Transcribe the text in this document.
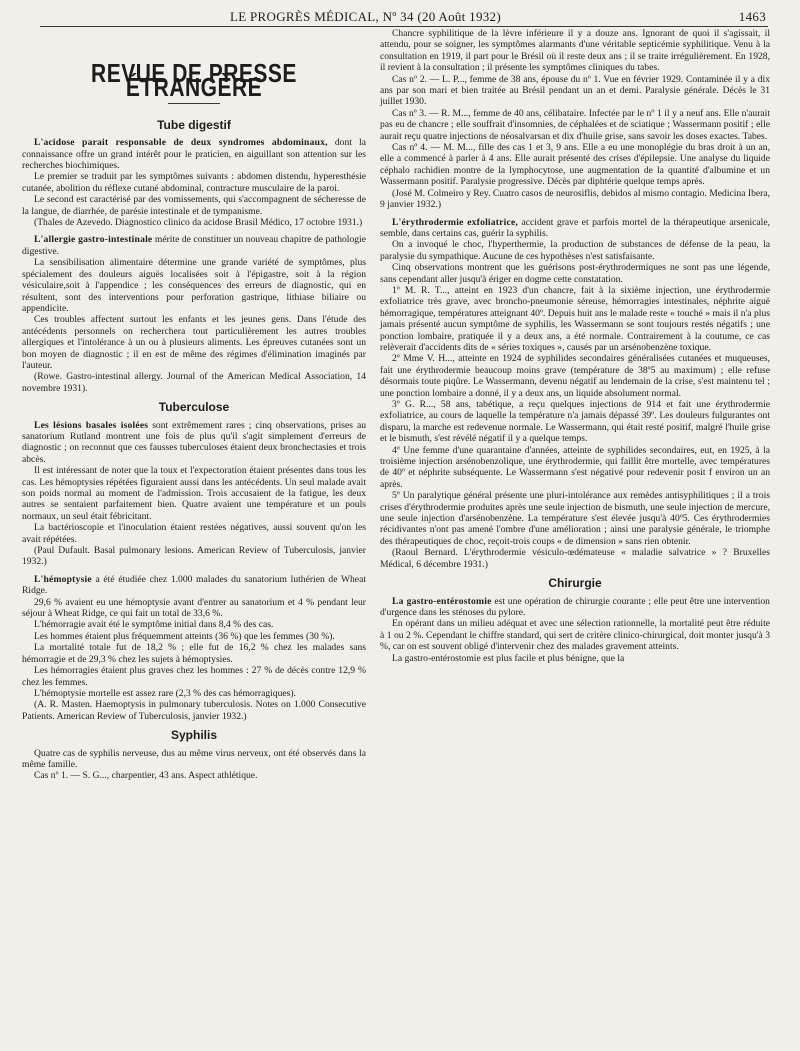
LE PROGRÈS MÉDICAL, Nº 34 (20 Août 1932)	1463
REVUE DE PRESSE ÉTRANGÈRE
Tube digestif

L'acidose parait responsable de deux syndromes abdominaux, dont la connaissance offre un grand intérêt pour le praticien, en aiguillant son attention sur les recherches biochimiques.

Le premier se traduit par les symptômes suivants : abdomen distendu, hyperesthésie cutanée, abolition du réflexe cutané abdominal, contracture musculaire de la paroi.

Le second est caractérisé par des vomissements, qui s'accompagnent de sécheresse de la langue, de diarrhée, de parésie intestinale et de tympanisme.

(Thales de Azevedo. Diagnostico clinico da acidose Brasil Médico, 17 octobre 1931.)

L'allergie gastro-intestinale mérite de constituer un nouveau chapitre de pathologie digestive.

La sensibilisation alimentaire détermine une grande variété de symptômes, plus spécialement des douleurs aiguës localisées soit à l'épigastre, soit à la région vésiculaire,soit à l'appendice ; les conséquences des erreurs de diagnostic, qui en résultent, sont des interventions pour perforation gastrique, lithiase biliaire ou appendicite.

Ces troubles affectent surtout les enfants et les jeunes gens. Dans l'étude des antécédents personnels on recherchera tout particulièrement les autres troubles allergiques et l'intolérance à un ou à plusieurs aliments. Les épreuves cutanées sont un bon moyen de diagnostic ; il en est de même des régimes d'élimination imaginés par l'auteur.

(Rowe. Gastro-intestinal allergy. Journal of the American Medical Association, 14 novembre 1931).

Tuberculose

Les lésions basales isolées sont extrêmement rares ; cinq observations, prises au sanatorium Rutland montrent une fois de plus qu'il s'agit simplement d'erreurs de diagnostic ; on reconnut que ces fausses tuberculoses étaient deux bronchectasies et trois abcès.

Il est intéressant de noter que la toux et l'expectoration étaient présentes dans tous les cas. Les hémoptysies répétées figuraient aussi dans les antécédents. Un seul malade avait son poids normal au moment de l'admission. Trois accusaient de la fatigue, les deux autres se sentaient parfaitement bien. Quatre avaient une température et un pouls normaux, un seul était fébricitant.

La bactérioscopie et l'inoculation étaient restées négatives, aussi souvent qu'on les avait répétées.

(Paul Dufault. Basal pulmonary lesions. American Review of Tuberculosis, janvier 1932.)

L'hémoptysie a été étudiée chez 1.000 malades du sanatorium luthérien de Wheat Ridge.

29,6 % avaient eu une hémoptysie avant d'entrer au sanatorium et 4 % pendant leur séjour à Wheat Ridge, ce qui fait un total de 33,6 %.

L'hémorragie avait été le symptôme initial dans 8,4 % des cas.

Les hommes étaient plus fréquemment atteints (36 %) que les femmes (30 %).

La mortalité totale fut de 18,2 % ; elle fut de 16,2 % chez les malades sans hémorragie et de 29,3 % chez les sujets à hémoptysies.

Les hémorragies étaient plus graves chez les hommes : 27 % de décès contre 12,9 % chez les femmes.

L'hémoptysie mortelle est assez rare (2,3 % des cas hémorragiques).

(A. R. Masten. Haemoptysis in pulmonary tuberculosis. Notes on 1.000 Consecutive Patients. American Review of Tuberculosis, janvier 1932.)

Syphilis

Quatre cas de syphilis nerveuse, dus au même virus nerveux, ont été observés dans la même famille.

Cas nº 1. — S. G..., charpentier, 43 ans. Aspect athlétique.

Chancre syphilitique de la lèvre inférieure il y a douze ans. Ignorant de quoi il s'agissait, il attendu, pour se soigner, les symptômes alarmants d'une véritable septicémie syphilitique. Venu à la consultation en 1919, il part pour le Brésil où il reste deux ans ; il se traite irrégulièrement. En 1928, il revient à la consultation ; il présente les symptômes cliniques du tabes.

Cas nº 2. — L. P..., femme de 38 ans, épouse du nº 1. Vue en février 1929. Contaminée il y a dix ans par son mari et bien traitée au Brésil pendant un an et demi. Paralysie générale. Décès le 31 juillet 1930.

Cas nº 3. — R. M..., femme de 40 ans, célibataire. Infectée par le nº 1 il y a neuf ans. Elle n'aurait pas eu de chancre ; elle souffrait d'insomnies, de céphalées et de sciatique ; Wassermann positif ; elle aurait reçu quatre injections de néosalvarsan et dix d'huile grise, sans savoir les doses exactes. Tabes.

Cas nº 4. — M. M..., fille des cas 1 et 3, 9 ans. Elle a eu une monoplégie du bras droit à un an, elle a commencé à parler à 4 ans. Elle aurait présenté des crises d'épilepsie. Une analyse du liquide céphalo rachidien montre de la lymphocytose, une augmentation de la quantité d'albumine et un Wassermann positif. Paralysie progressive. Décès par diphtérie quelque temps après.

(José M. Colmeiro y Rey. Cuatro casos de neurosiflis, debidos al mismo contagio. Medicina Ibera, 9 janvier 1932.)

L'érythrodermie exfoliatrice, accident grave et parfois mortel de la thérapeutique arsenicale, semble, dans certains cas, guérir la syphilis.

On a invoqué le choc, l'hyperthermie, la production de substances de défense de la peau, la paralysie du sympathique. Aucune de ces hypothèses n'est satisfaisante.

Cinq observations montrent que les guérisons post-érythrodermiques ne sont pas une légende, sans cependant aller jusqu'à ériger en dogme cette constatation.

1º M. R. T..., atteint en 1923 d'un chancre, fait à la sixième injection, une érythrodermie exfoliatrice très grave, avec broncho-pneumonie séreuse, hémorragies intestinales, néphrite aiguë hémorragique, températures atteignant 40º. Depuis huit ans le malade reste « touché » mais il n'a plus jamais présenté aucun symptôme de syphilis, les Wassermann se sont toujours restés négatifs ; une ponction lombaire, pratiquée il y a deux ans, a été normale. Contrairement à la coutume, ce cas relèverait d'accidents dits de « séries toxiques », causés par un arsénobenzène toxique.

2º Mme V. H..., atteinte en 1924 de syphilides secondaires généralisées cutanées et muqueuses, fait une érythrodermie beaucoup moins grave (température de 38º5 au maximum) ; elle refuse désormais toute piqûre. Le Wassermann, devenu négatif au lendemain de la crise, s'est maintenu tel ; une ponction lombaire a donné, il y a deux ans, un liquide absolument normal.

3º G. R..., 58 ans, tabétique, a reçu quelques injections de 914 et fait une érythrodermie exfoliatrice, au cours de laquelle la température n'a jamais dépassé 39º. Les douleurs fulgurantes ont disparu, la marche est redevenue normale. Le Wassermann, qui était resté positif, malgré l'huile grise et le bismuth, s'est révélé négatif il y a quelque temps.

4º Une femme d'une quarantaine d'années, atteinte de syphilides secondaires, eut, en 1925, à la troisième injection arsénobenzolique, une érythrodermie, qui faillit être mortelle, avec températures de 40º et néphrite subséquente. Le Wassermann s'est négativé pour redevenir posit f environ un an après.

5º Un paralytique général présente une pluri-intolérance aux remèdes antisyphilitiques ; il a trois crises d'érythrodermie produites après une seule injection de bismuth, une seule injection de mercure, une seule injection d'arsénobenzène. La température s'est élevée jusqu'à 40º5. Ces érythrodermies récidivantes n'ont pas amené l'ombre d'une amélioration ; ainsi une paralysie générale, le triomphe des thérapeutiques de choc, reçoit-trois coups « de dimension » sans rien obtenir.

(Raoul Bernard. L'érythrodermie vésiculo-œdémateuse « maladie salvatrice » ? Bruxelles Médical, 6 décembre 1931.)

Chirurgie

La gastro-entérostomie est une opération de chirurgie courante ; elle peut être une intervention d'urgence dans les sténoses du pylore.

En opérant dans un milieu adéquat et avec une sélection rationnelle, la mortalité peut être réduite à 1 ou 2 %. Cependant le chiffre standard, qui sert de critère clinico-chirurgical, doit monter jusqu'à 3 %, car on est souvent obligé d'intervenir chez des malades gravement atteints.

La gastro-entérostomie est plus facile et plus bénigne, que la
